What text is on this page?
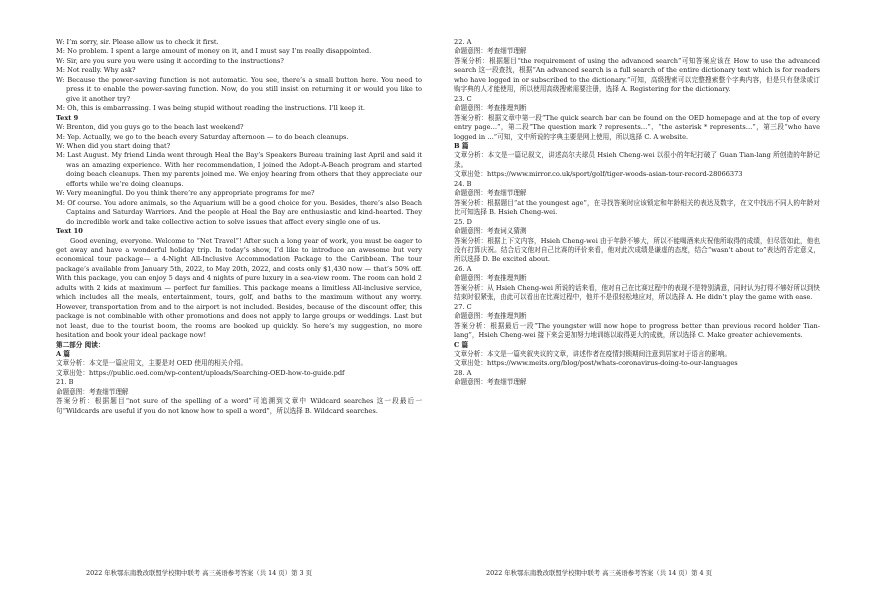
W: I’m sorry, sir. Please allow us to check it first.

M: No problem. I spent a large amount of money on it, and I must say I’m really disappointed.

W: Sir, are you sure you were using it according to the instructions?

M: Not really. Why ask?

W: Because the power-saving function is not automatic. You see, there’s a small button here. You need to press it to enable the power-saving function. Now, do you still insist on returning it or would you like to give it another try?

M: Oh, this is embarrassing. I was being stupid without reading the instructions. I’ll keep it.

Text 9

W: Brenton, did you guys go to the beach last weekend?

M: Yep. Actually, we go to the beach every Saturday afternoon — to do beach cleanups.

W: When did you start doing that?

M: Last August. My friend Linda went through Heal the Bay’s Speakers Bureau training last April and said it was an amazing experience. With her recommendation, I joined the Adopt-A-Beach program and started doing beach cleanups. Then my parents joined me. We enjoy hearing from others that they appreciate our efforts while we’re doing cleanups.

W: Very meaningful. Do you think there’re any appropriate programs for me?

M: Of course. You adore animals, so the Aquarium will be a good choice for you. Besides, there’s also Beach Captains and Saturday Warriors. And the people at Heal the Bay are enthusiastic and kind-hearted. They do incredible work and take collective action to solve issues that affect every single one of us.

Text 10

Good evening, everyone. Welcome to “Net Travel”! After such a long year of work, you must be eager to get away and have a wonderful holiday trip. In today’s show, I’d like to introduce an awesome but very economical tour package— a 4-Night All-Inclusive Accommodation Package to the Caribbean. The tour package’s available from January 5th, 2022, to May 20th, 2022, and costs only $1,430 now — that’s 50% off. With this package, you can enjoy 5 days and 4 nights of pure luxury in a sea-view room. The room can hold 2 adults with 2 kids at maximum — perfect fur families. This package means a limitless All-inclusive service, which includes all the meals, entertainment, tours, golf, and baths to the maximum without any worry. However, transportation from and to the airport is not included. Besides, because of the discount offer, this package is not combinable with other promotions and does not apply to large groups or weddings. Last but not least, due to the tourist boom, the rooms are booked up quickly. So here’s my suggestion, no more hesitation and book your ideal package now!

第二部分 阅读：

A 篇

文章分析：本文是一篇应用文，主要是对 OED 使用的相关介绍。

文章出处：https://public.oed.com/wp-content/uploads/Searching-OED-how-to-guide.pdf

21. B

命题意图：考查细节理解

答案分析：根据题目“not sure of the spelling of a word”可追溯到文章中 Wildcard searches 这一段最后一句“Wildcards are useful if you do not know how to spell a word”，所以选择 B. Wildcard searches.

22. A

命题意图：考查细节理解

答案分析：根据题目“the requirement of using the advanced search”可知答案应该在 How to use the advanced search 这一段查找，根据“An advanced search is a full search of the entire dictionary text which is for readers who have logged in or subscribed to the dictionary.”可知，高级搜索可以完整搜索整个字典内容，但是只有登录或订购字典的人才能使用，所以使用高级搜索需要注册，选择 A. Registering for the dictionary.

23. C

命题意图：考查推理判断

答案分析：根据文章中第一段“The quick search bar can be found on the OED homepage and at the top of every entry page…”，第二段“The question mark ? represents…”、“the asterisk * represents…”，第三段“who have logged in …”可知，文中所说的字典主要是网上使用，所以选择 C. A website.

B 篇

文章分析：本文是一篇记叙文，讲述高尔夫球员 Hsieh Cheng-wei 以很小的年纪打破了 Guan Tian-lang 所创造的年龄记录。

文章出处：https://www.mirror.co.uk/sport/golf/tiger-woods-asian-tour-record-28066373

24. B

命题意图：考查细节理解

答案分析：根据题目“at the youngest age”，在寻找答案时应该锁定和年龄相关的表达及数字，在文中找出不同人的年龄对比可知选择 B. Hsieh Cheng-wei.

25. D

命题意图：考查词义猜测

答案分析：根据上下文内容，Hsieh Cheng-wei 由于年龄不够大，所以不能喝酒来庆祝他所取得的成绩，但尽管如此，他也没有打算庆祝。结合后文他对自己比赛的评价来看，他对此次成绩是谦虚的态度，结合“wasn’t about to”表达的否定意义，所以选择 D. Be excited about.

26. A

命题意图：考查推理判断

答案分析：从 Hsieh Cheng-wei 所说的话来看，他对自己在比赛过程中的表现不是特别满意，同时认为打得不够好所以到快结束时很紧张，由此可以看出在比赛过程中，他并不是很轻松地应对，所以选择 A. He didn’t play the game with ease.

27. C

命题意图：考查推理判断

答案分析：根据最后一段“The youngster will now hope to progress better than previous record holder Tian-lang”，Hsieh Cheng-wei 接下来会更加努力地训练以取得更大的成就，所以选择 C. Make greater achievements.

C 篇

文章分析：本文是一篇夹叙夹议的文章，讲述作者在疫情封锁期间注意到居家对于语言的影响。

文章出处：https://www.meits.org/blog/post/whats-coronavirus-doing-to-our-languages

28. A

命题意图：考查细节理解

2022 年秋鄂东南教改联盟学校期中联考 高三英语参考答案（共 14 页）第 3 页	2022 年秋鄂东南教改联盟学校期中联考 高三英语参考答案（共 14 页）第 4 页
